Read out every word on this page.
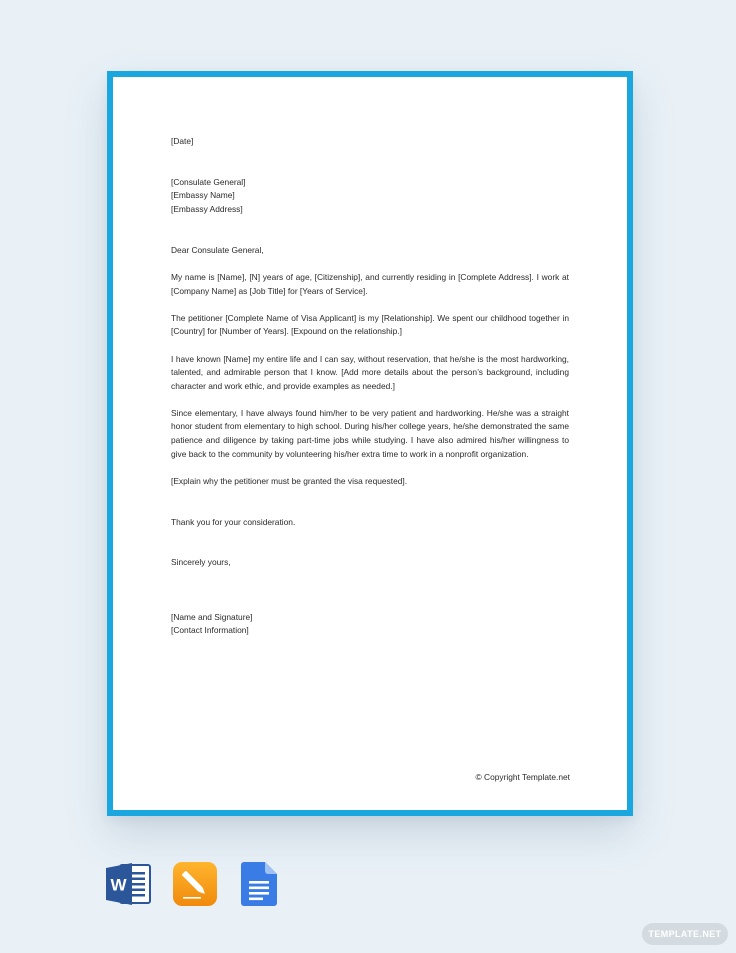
[Date]

[Consulate General]

[Embassy Name]

[Embassy Address]

Dear Consulate General,

My name is [Name], [N] years of age, [Citizenship], and currently residing in [Complete Address]. I work at [Company Name] as [Job Title] for [Years of Service].

The petitioner [Complete Name of Visa Applicant] is my [Relationship]. We spent our childhood together in [Country] for [Number of Years]. [Expound on the relationship.]

I have known [Name] my entire life and I can say, without reservation, that he/she is the most hardworking, talented, and admirable person that I know. [Add more details about the person’s background, including character and work ethic, and provide examples as needed.]

Since elementary, I have always found him/her to be very patient and hardworking. He/she was a straight honor student from elementary to high school. During his/her college years, he/she demonstrated the same patience and diligence by taking part-time jobs while studying. I have also admired his/her willingness to give back to the community by volunteering his/her extra time to work in a nonprofit organization.

[Explain why the petitioner must be granted the visa requested].

Thank you for your consideration.

Sincerely yours,

[Name and Signature]

[Contact Information]

© Copyright Template.net
W
TEMPLATE.NET
